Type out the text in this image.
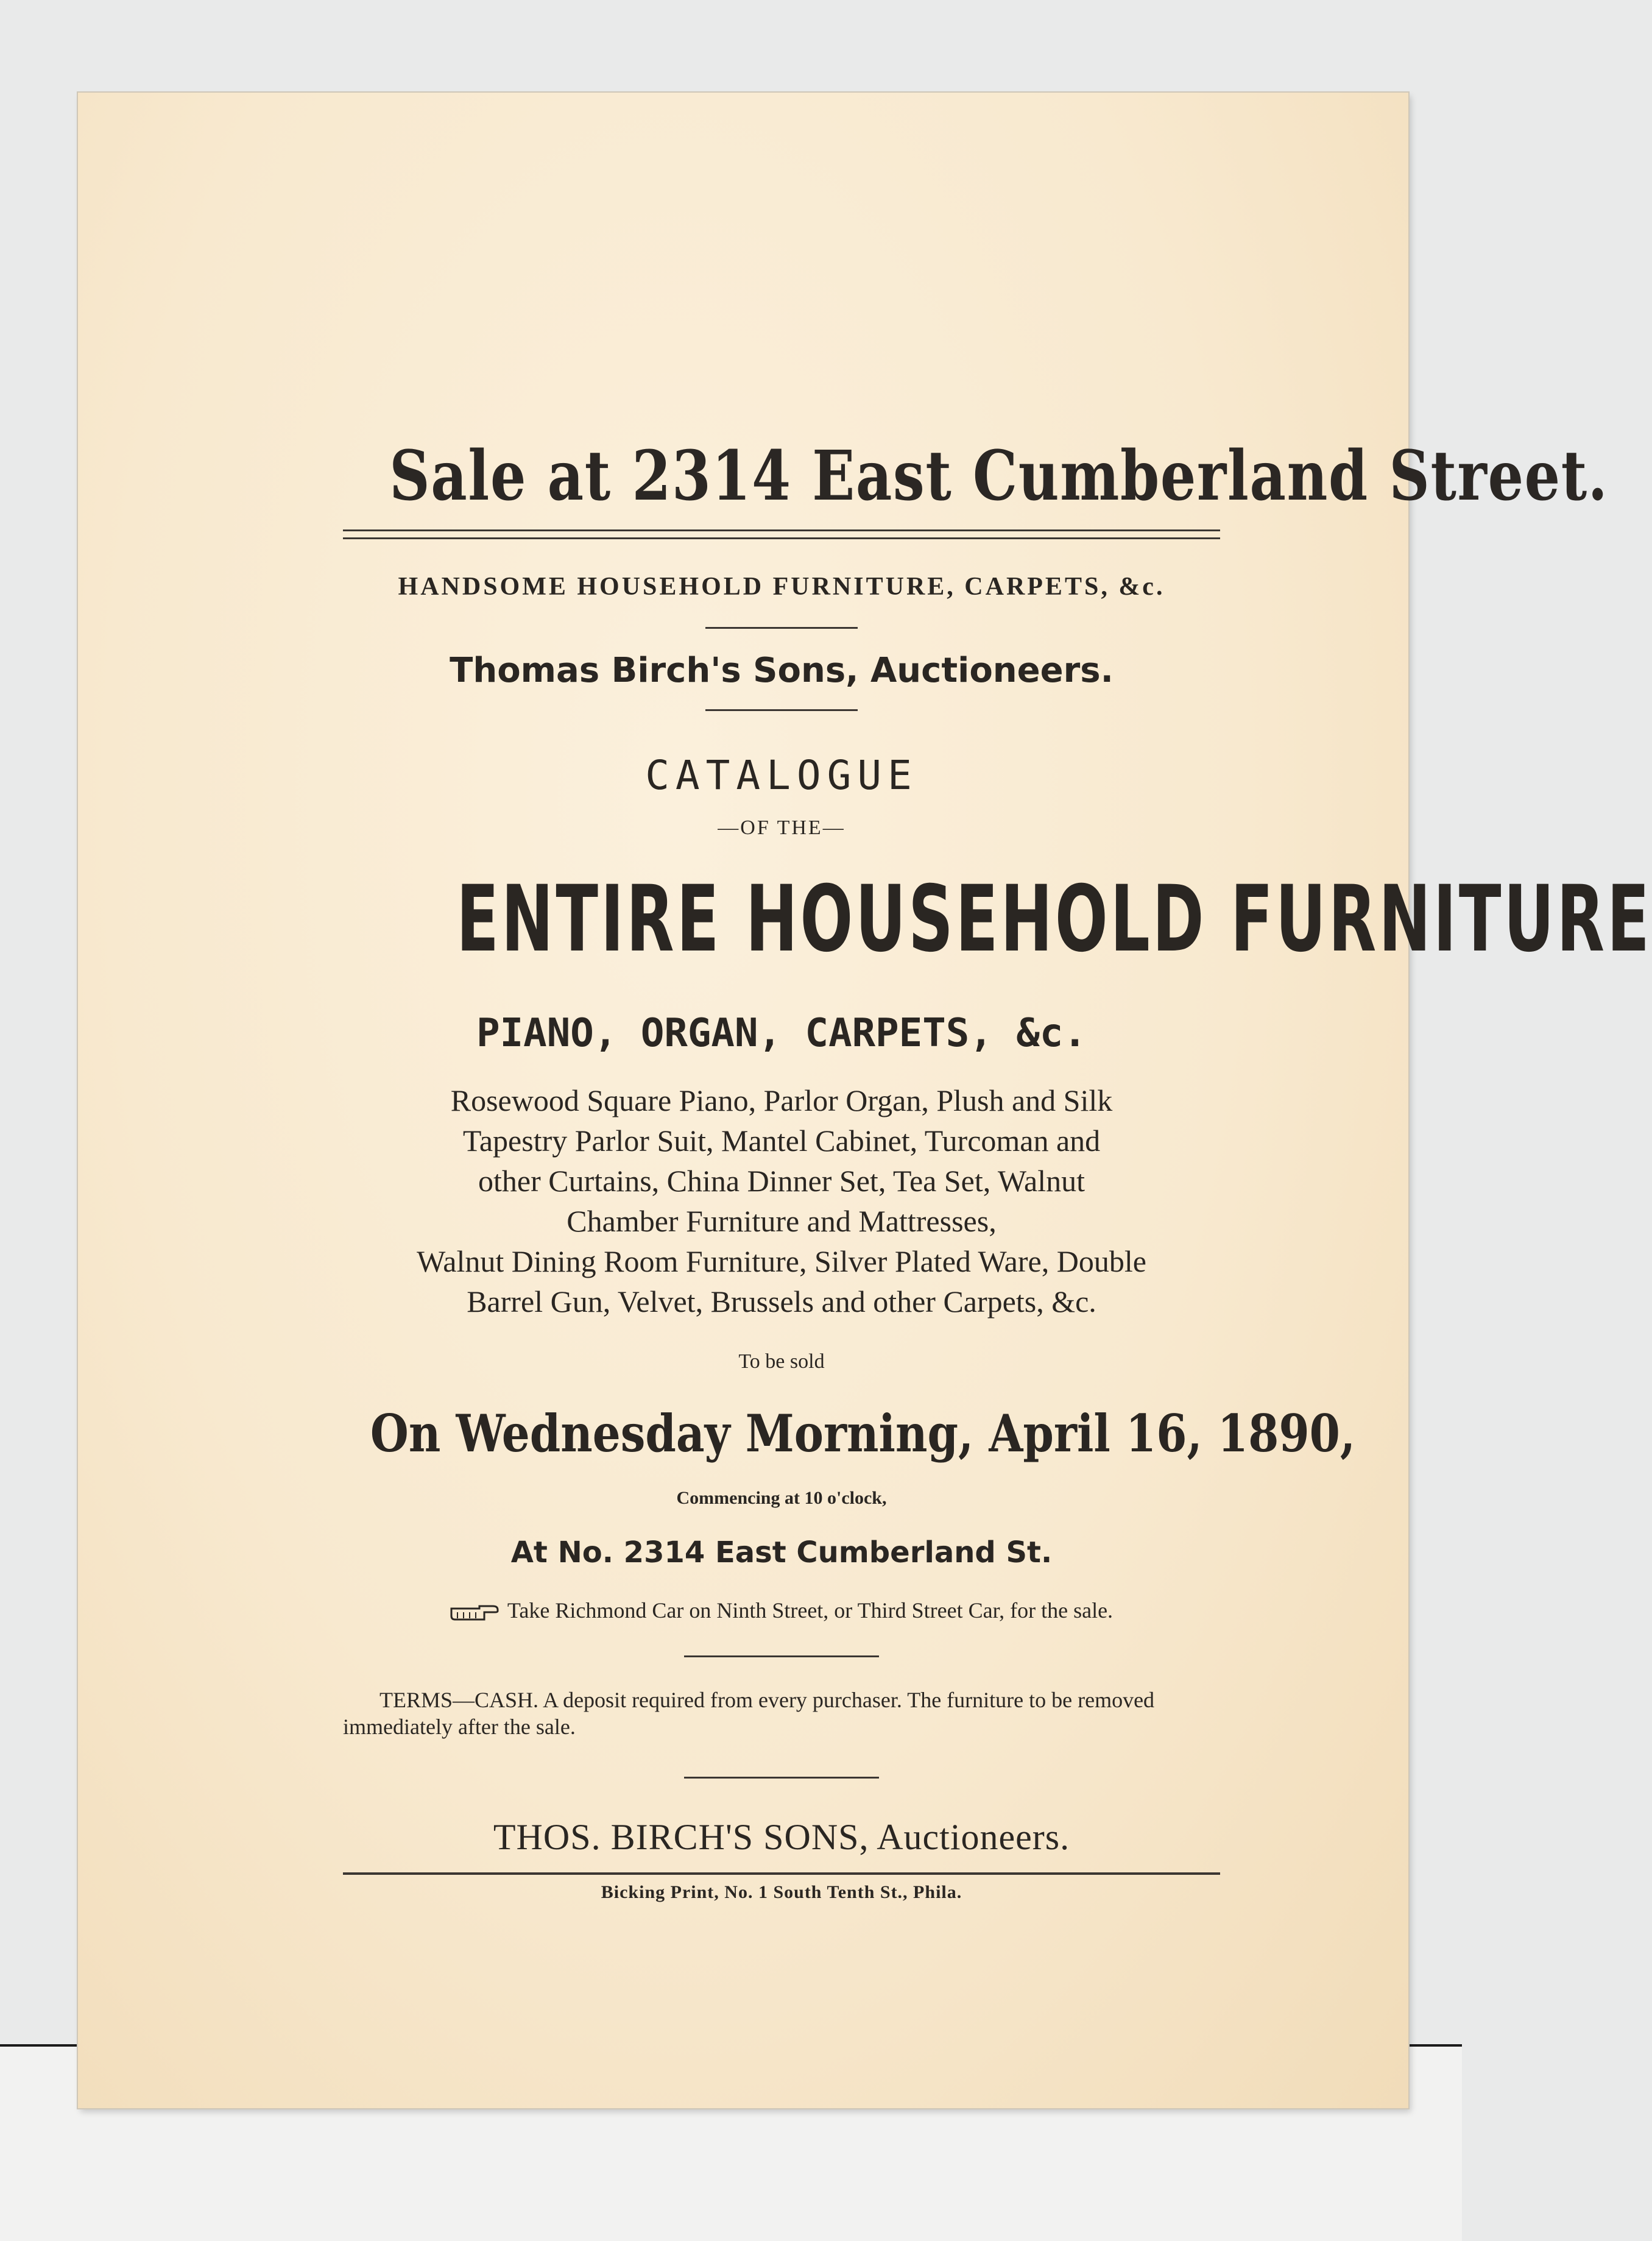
Sale at 2314 East Cumberland Street.
HANDSOME HOUSEHOLD FURNITURE, CARPETS, &c.
Thomas Birch's Sons, Auctioneers.
CATALOGUE
—OF THE—
ENTIRE HOUSEHOLD FURNITURE
PIANO, ORGAN, CARPETS, &c.
Rosewood Square Piano, Parlor Organ, Plush and Silk
Tapestry Parlor Suit, Mantel Cabinet, Turcoman and
other Curtains, China Dinner Set, Tea Set, Walnut
Chamber Furniture and Mattresses,
Walnut Dining Room Furniture, Silver Plated Ware, Double
Barrel Gun, Velvet, Brussels and other Carpets, &c.
To be sold
On Wednesday Morning, April 16, 1890,
Commencing at 10 o'clock,
At No. 2314 East Cumberland St.
Take Richmond Car on Ninth Street, or Third Street Car, for the sale.
TERMS—CASH. A deposit required from every purchaser. The furniture to be removed immediately after the sale.
THOS. BIRCH'S SONS, Auctioneers.
Bicking Print, No. 1 South Tenth St., Phila.
